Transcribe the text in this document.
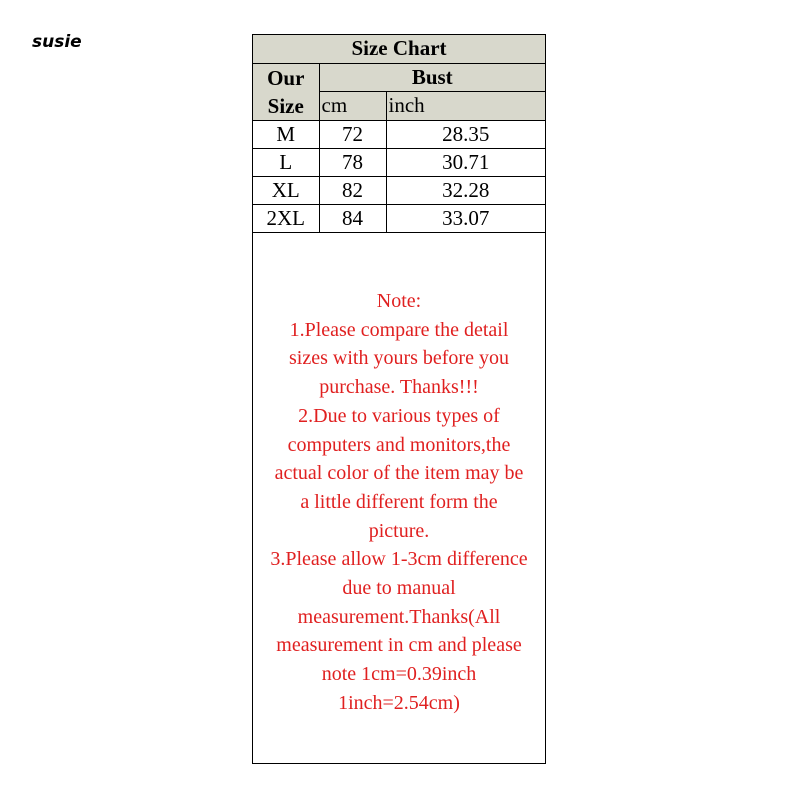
susie	Size Chart		
Our
Size	Bust	
	cm	inch
M	72	28.35
L	78	30.71
XL	82	32.28
2XL	84	33.07
Note:
1.Please compare the detail
sizes with yours before you
purchase. Thanks!!!
2.Due to various types of
computers and monitors,the
actual color of the item may be
a little different form the
picture.
3.Please allow 1-3cm difference
due to manual
measurement.Thanks(All
measurement in cm and please
note 1cm=0.39inch
1inch=2.54cm)
